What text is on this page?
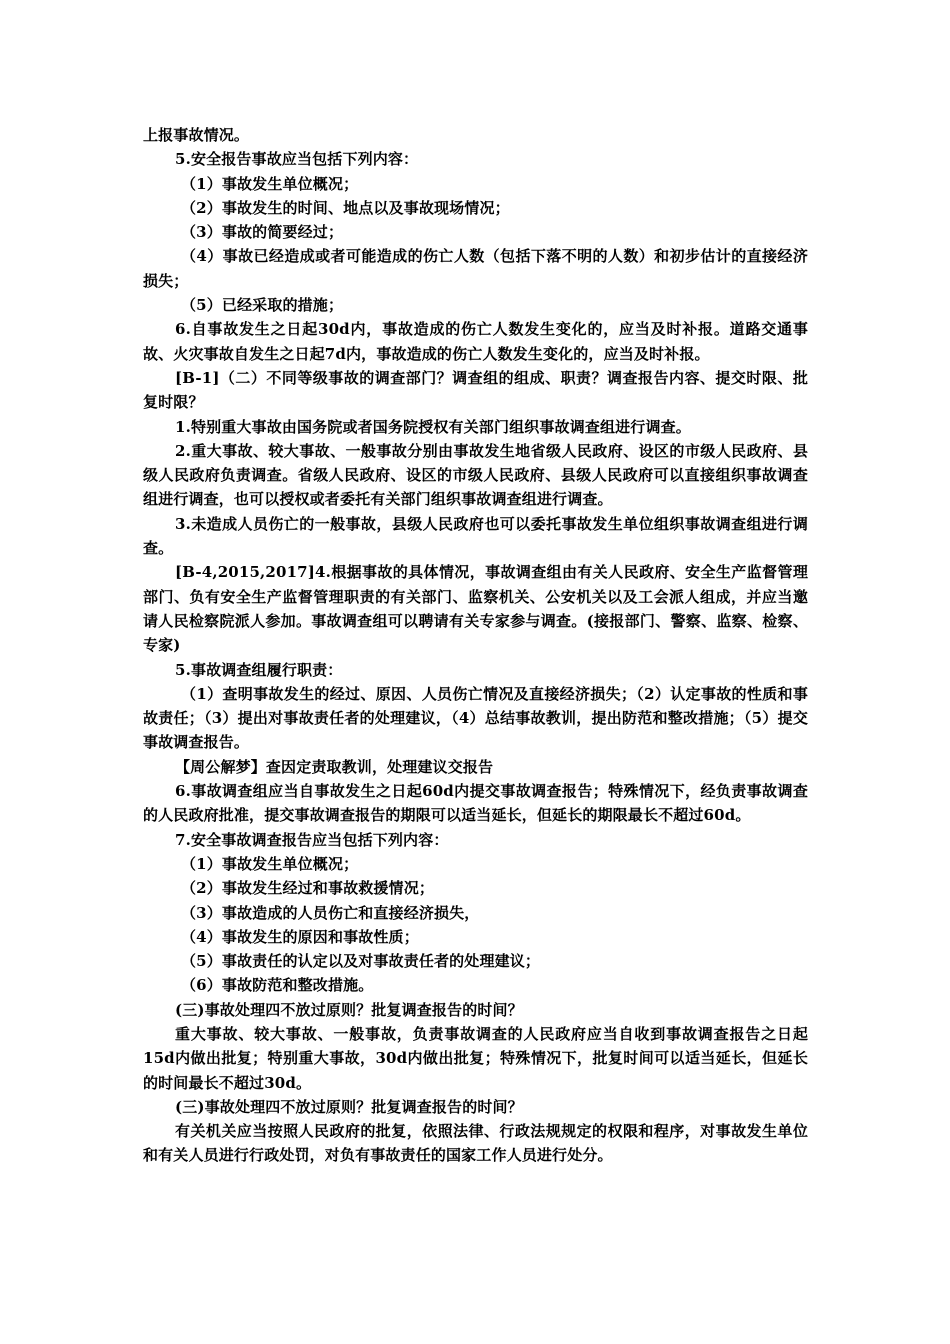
上报事故情况。

5.安全报告事故应当包括下列内容：

（1）事故发生单位概况；

（2）事故发生的时间、地点以及事故现场情况；

（3）事故的简要经过；

（4）事故已经造成或者可能造成的伤亡人数（包括下落不明的人数）和初步估计的直接经济损失；

（5）已经采取的措施；

6.自事故发生之日起30d内，事故造成的伤亡人数发生变化的，应当及时补报。道路交通事故、火灾事故自发生之日起7d内，事故造成的伤亡人数发生变化的，应当及时补报。

[B-1]（二）不同等级事故的调查部门？调查组的组成、职责？调查报告内容、提交时限、批复时限？

1.特别重大事故由国务院或者国务院授权有关部门组织事故调查组进行调查。

2.重大事故、较大事故、一般事故分别由事故发生地省级人民政府、设区的市级人民政府、县级人民政府负责调查。省级人民政府、设区的市级人民政府、县级人民政府可以直接组织事故调查组进行调查，也可以授权或者委托有关部门组织事故调查组进行调查。

3.未造成人员伤亡的一般事故，县级人民政府也可以委托事故发生单位组织事故调查组进行调查。

[B-4,2015,2017]4.根据事故的具体情况，事故调查组由有关人民政府、安全生产监督管理部门、负有安全生产监督管理职责的有关部门、监察机关、公安机关以及工会派人组成，并应当邀请人民检察院派人参加。事故调查组可以聘请有关专家参与调查。(接报部门、警察、监察、检察、专家)

5.事故调查组履行职责：

（1）查明事故发生的经过、原因、人员伤亡情况及直接经济损失；（2）认定事故的性质和事故责任；（3）提出对事故责任者的处理建议，（4）总结事故教训，提出防范和整改措施；（5）提交事故调查报告。

【周公解梦】查因定责取教训，处理建议交报告

6.事故调查组应当自事故发生之日起60d内提交事故调查报告；特殊情况下，经负责事故调查的人民政府批准，提交事故调查报告的期限可以适当延长，但延长的期限最长不超过60d。

7.安全事故调查报告应当包括下列内容：

（1）事故发生单位概况；

（2）事故发生经过和事故救援情况；

（3）事故造成的人员伤亡和直接经济损失，

（4）事故发生的原因和事故性质；

（5）事故责任的认定以及对事故责任者的处理建议；

（6）事故防范和整改措施。

(三)事故处理四不放过原则？批复调查报告的时间？

重大事故、较大事故、一般事故，负责事故调查的人民政府应当自收到事故调查报告之日起15d内做出批复；特别重大事故，30d内做出批复；特殊情况下，批复时间可以适当延长，但延长的时间最长不超过30d。

(三)事故处理四不放过原则？批复调查报告的时间？

有关机关应当按照人民政府的批复，依照法律、行政法规规定的权限和程序，对事故发生单位和有关人员进行行政处罚，对负有事故责任的国家工作人员进行处分。
